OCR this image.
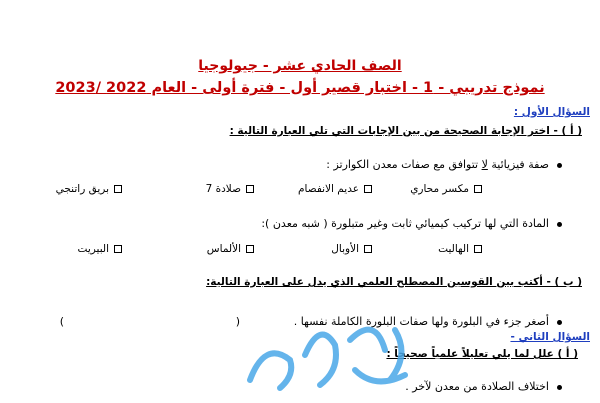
الصف الحادي عشر - جيولوجيا
نموذج تدريبي - 1 - اختبار قصير أول - فترة أولى - العام 2022 /2023
السؤال الأول :
( أ ) - اختر الإجابة الصحيحة من بين الإجابات التي تلي العبارة التالية :
صفة فيزيائية لا تتوافق مع صفات معدن الكوارتز :
مكسر محاري
عديم الانفصام
صلادة 7
بريق راتنجي
المادة التي لها تركيب كيميائي ثابت وغير متبلورة ( شبه معدن ):
الهاليت
الأوبال
الألماس
البيريت
( ب ) - أكتب بين القوسين المصطلح العلمي الذي يدل على العبارة التالية:
أصغر جزء في البلورة ولها صفات البلورة الكاملة نفسها .
(
)
السؤال الثاني -
( أ ) علل لما يلي تعليلاً علمياً صحيحاً :
اختلاف الصلادة من معدن لآخر .
